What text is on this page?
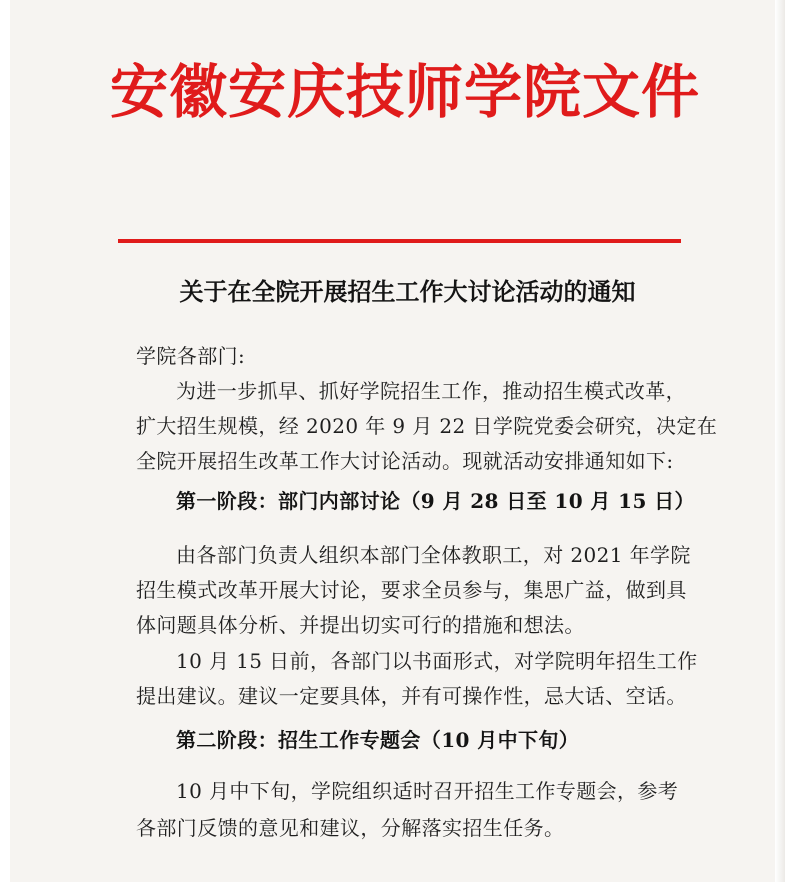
安徽安庆技师学院文件
关于在全院开展招生工作大讨论活动的通知
学院各部门:
为进一步抓早、抓好学院招生工作，推动招生模式改革，
扩大招生规模，经 2020 年 9 月 22 日学院党委会研究，决定在
全院开展招生改革工作大讨论活动。现就活动安排通知如下:
第一阶段：部门内部讨论（9 月 28 日至 10 月 15 日）
由各部门负责人组织本部门全体教职工，对 2021 年学院
招生模式改革开展大讨论，要求全员参与，集思广益，做到具
体问题具体分析、并提出切实可行的措施和想法。
10 月 15 日前，各部门以书面形式，对学院明年招生工作
提出建议。建议一定要具体，并有可操作性，忌大话、空话。
第二阶段：招生工作专题会（10 月中下旬）
10 月中下旬，学院组织适时召开招生工作专题会，参考
各部门反馈的意见和建议，分解落实招生任务。
